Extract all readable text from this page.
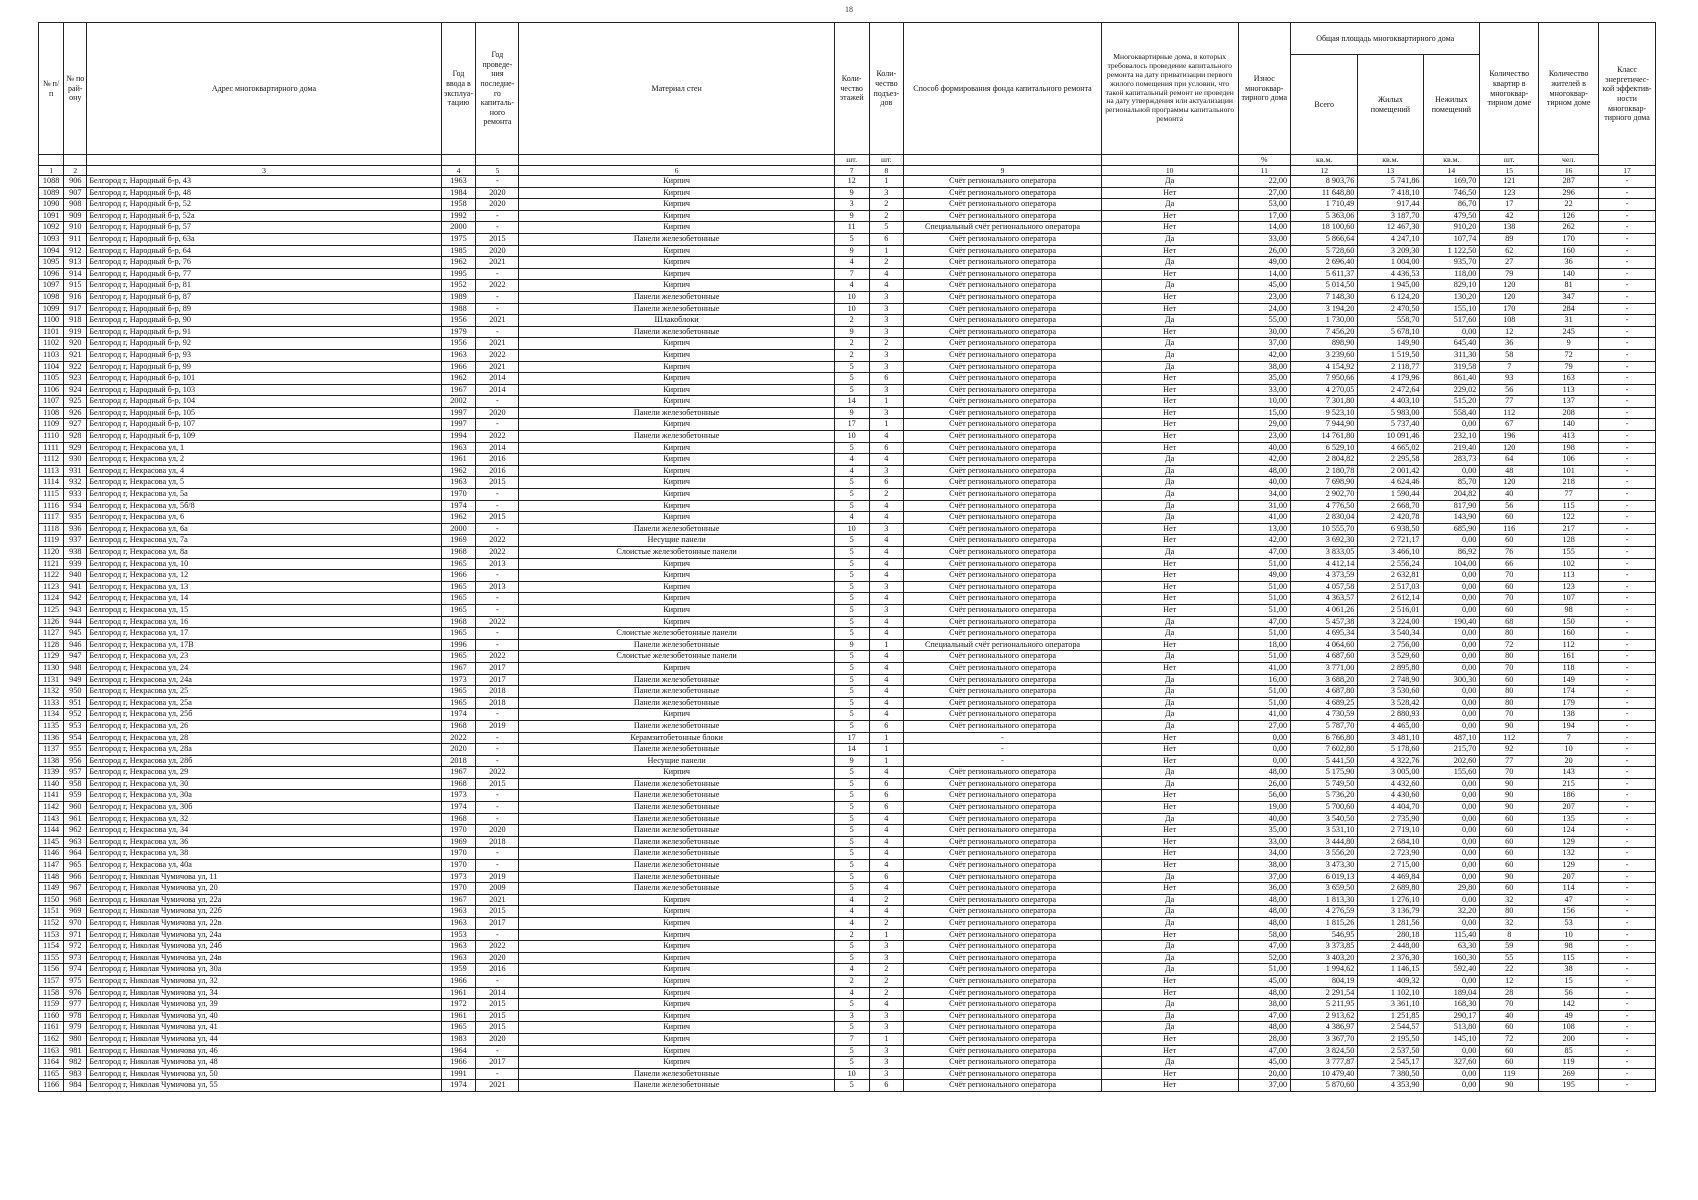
18
№ п/п	№ по рай-ону	Адрес многоквартирного дома	Год ввода в эксплуа-тацию	Год проведе-ния последне-го капиталь-ного ремонта	Материал стен	Коли-чество этажей	Коли-чество подъез-дов	Способ формирования фонда капитального ремонта	Многоквартирные дома, в которых требовалось проведение капитального ремонта на дату приватизации первого жилого помещения при условии, что такой капитальный ремонт не проведен на дату утверждения или актуализации региональной программы капитального ремонта	Износ многоквар-тирного дома	Общая площадь многоквартирного дома			Количество квартир в многоквар-тирном доме	Количество жителей в многоквар-тирном доме	Класс энергетичес-кой эффектив-ности многоквар-тирного дома
											Всего	Жилых помещений	Нежилых помещений			
						шт.	шт.			%	кв.м.	кв.м.	кв.м.	шт.	чел.	
1	2	3	4	5	6	7	8	9	10	11	12	13	14	15	16	17
1088	906	Белгород г, Народный б-р, 43	1963	-	Кирпич	12	1	Счёт регионального оператора	Да	22,00	8 903,76	5 741,86	169,70	121	287	-
1089	907	Белгород г, Народный б-р, 48	1984	2020	Кирпич	9	3	Счёт регионального оператора	Нет	27,00	11 648,80	7 418,10	746,50	123	296	-
1090	908	Белгород г, Народный б-р, 52	1958	2020	Кирпич	3	2	Счёт регионального оператора	Да	53,00	1 710,49	917,44	86,70	17	22	-
1091	909	Белгород г, Народный б-р, 52а	1992	-	Кирпич	9	2	Счёт регионального оператора	Нет	17,00	5 363,06	3 187,70	479,50	42	126	-
1092	910	Белгород г, Народный б-р, 57	2000	-	Кирпич	11	5	Специальный счёт регионального оператора	Нет	14,00	18 100,60	12 467,30	910,20	138	262	-
1093	911	Белгород г, Народный б-р, 63а	1975	2015	Панели железобетонные	5	6	Счёт регионального оператора	Да	33,00	5 866,64	4 247,10	107,74	89	170	-
1094	912	Белгород г, Народный б-р, 64	1985	2020	Кирпич	9	1	Счёт регионального оператора	Нет	26,00	5 728,60	3 209,30	1 122,50	62	160	-
1095	913	Белгород г, Народный б-р, 76	1962	2021	Кирпич	4	2	Счёт регионального оператора	Да	49,00	2 696,40	1 004,00	935,70	27	36	-
1096	914	Белгород г, Народный б-р, 77	1995	-	Кирпич	7	4	Счёт регионального оператора	Нет	14,00	5 611,37	4 436,53	118,00	79	140	-
1097	915	Белгород г, Народный б-р, 81	1952	2022	Кирпич	4	4	Счёт регионального оператора	Да	45,00	5 014,50	1 945,00	829,10	120	81	-
1098	916	Белгород г, Народный б-р, 87	1989	-	Панели железобетонные	10	3	Счёт регионального оператора	Нет	23,00	7 148,30	6 124,20	130,20	120	347	-
1099	917	Белгород г, Народный б-р, 89	1988	-	Панели железобетонные	10	3	Счёт регионального оператора	Нет	24,00	3 194,20	2 470,50	155,10	170	284	-
1100	918	Белгород г, Народный б-р, 90	1956	2021	Шлакоблоки	2	3	Счёт регионального оператора	Да	55,00	1 730,00	558,70	517,60	108	31	-
1101	919	Белгород г, Народный б-р, 91	1979	-	Панели железобетонные	9	3	Счёт регионального оператора	Нет	30,00	7 456,20	5 678,10	0,00	12	245	-
1102	920	Белгород г, Народный б-р, 92	1956	2021	Кирпич	2	2	Счёт регионального оператора	Да	37,00	898,90	149,90	645,40	36	9	-
1103	921	Белгород г, Народный б-р, 93	1963	2022	Кирпич	2	3	Счёт регионального оператора	Да	42,00	3 239,60	1 519,50	311,30	58	72	-
1104	922	Белгород г, Народный б-р, 99	1966	2021	Кирпич	5	3	Счёт регионального оператора	Да	38,00	4 154,92	2 118,77	319,58	7	79	-
1105	923	Белгород г, Народный б-р, 101	1962	2014	Кирпич	5	6	Счёт регионального оператора	Нет	35,00	7 950,66	4 179,96	861,40	93	163	-
1106	924	Белгород г, Народный б-р, 103	1967	2014	Кирпич	5	3	Счёт регионального оператора	Нет	33,00	4 270,05	2 472,64	229,02	56	113	-
1107	925	Белгород г, Народный б-р, 104	2002	-	Кирпич	14	1	Счёт регионального оператора	Нет	10,00	7 301,80	4 403,10	515,20	77	137	-
1108	926	Белгород г, Народный б-р, 105	1997	2020	Панели железобетонные	9	3	Счёт регионального оператора	Нет	15,00	9 523,10	5 983,00	558,40	112	208	-
1109	927	Белгород г, Народный б-р, 107	1997	-	Кирпич	17	1	Счёт регионального оператора	Нет	29,00	7 944,90	5 737,40	0,00	67	140	-
1110	928	Белгород г, Народный б-р, 109	1994	2022	Панели железобетонные	10	4	Счёт регионального оператора	Нет	23,00	14 761,80	10 091,46	232,10	196	413	-
1111	929	Белгород г, Некрасова ул, 1	1963	2014	Кирпич	5	6	Счёт регионального оператора	Нет	40,00	6 529,10	4 665,02	219,40	120	198	-
1112	930	Белгород г, Некрасова ул, 2	1961	2016	Кирпич	4	4	Счёт регионального оператора	Да	42,00	2 804,82	2 295,58	283,73	64	106	-
1113	931	Белгород г, Некрасова ул, 4	1962	2016	Кирпич	4	3	Счёт регионального оператора	Да	48,00	2 180,78	2 001,42	0,00	48	101	-
1114	932	Белгород г, Некрасова ул, 5	1963	2015	Кирпич	5	6	Счёт регионального оператора	Да	40,00	7 698,90	4 624,46	85,70	120	218	-
1115	933	Белгород г, Некрасова ул, 5а	1970	-	Кирпич	5	2	Счёт регионального оператора	Да	34,00	2 902,70	1 590,44	204,82	40	77	-
1116	934	Белгород г, Некрасова ул, 5б/8	1974	-	Кирпич	5	4	Счёт регионального оператора	Да	31,00	4 776,50	2 668,70	817,90	56	115	-
1117	935	Белгород г, Некрасова ул, 6	1962	2015	Кирпич	4	4	Счёт регионального оператора	Да	41,00	2 830,04	2 420,78	143,90	60	122	-
1118	936	Белгород г, Некрасова ул, 6а	2000	-	Панели железобетонные	10	3	Счёт регионального оператора	Нет	13,00	10 555,70	6 938,50	685,90	116	217	-
1119	937	Белгород г, Некрасова ул, 7а	1969	2022	Несущие панели	5	4	Счёт регионального оператора	Нет	42,00	3 692,30	2 721,17	0,00	60	128	-
1120	938	Белгород г, Некрасова ул, 8а	1968	2022	Слоистые железобетонные панели	5	4	Счёт регионального оператора	Да	47,00	3 833,05	3 466,10	86,92	76	155	-
1121	939	Белгород г, Некрасова ул, 10	1965	2013	Кирпич	5	4	Счёт регионального оператора	Нет	51,00	4 412,14	2 556,24	104,00	66	102	-
1122	940	Белгород г, Некрасова ул, 12	1966	-	Кирпич	5	4	Счёт регионального оператора	Нет	49,00	4 373,59	2 632,81	0,00	70	113	-
1123	941	Белгород г, Некрасова ул, 13	1965	2013	Кирпич	5	3	Счёт регионального оператора	Нет	51,00	4 057,58	2 517,03	0,00	60	123	-
1124	942	Белгород г, Некрасова ул, 14	1965	-	Кирпич	5	4	Счёт регионального оператора	Нет	51,00	4 363,57	2 612,14	0,00	70	107	-
1125	943	Белгород г, Некрасова ул, 15	1965	-	Кирпич	5	3	Счёт регионального оператора	Нет	51,00	4 061,26	2 516,01	0,00	60	98	-
1126	944	Белгород г, Некрасова ул, 16	1968	2022	Кирпич	5	4	Счёт регионального оператора	Да	47,00	5 457,38	3 224,00	190,40	68	150	-
1127	945	Белгород г, Некрасова ул, 17	1965	-	Слоистые железобетонные панели	5	4	Счёт регионального оператора	Да	51,00	4 695,34	3 540,34	0,00	80	160	-
1128	946	Белгород г, Некрасова ул, 17В	1996	-	Панели железобетонные	9	1	Специальный счёт регионального оператора	Нет	18,00	4 064,60	2 756,00	0,00	72	112	-
1129	947	Белгород г, Некрасова ул, 23	1965	2022	Слоистые железобетонные панели	5	4	Счёт регионального оператора	Да	51,00	4 687,60	3 529,60	0,00	80	161	-
1130	948	Белгород г, Некрасова ул, 24	1967	2017	Кирпич	5	4	Счёт регионального оператора	Нет	41,00	3 771,00	2 895,80	0,00	70	118	-
1131	949	Белгород г, Некрасова ул, 24а	1973	2017	Панели железобетонные	5	4	Счёт регионального оператора	Да	16,00	3 688,20	2 748,90	300,30	60	149	-
1132	950	Белгород г, Некрасова ул, 25	1965	2018	Панели железобетонные	5	4	Счёт регионального оператора	Да	51,00	4 687,80	3 530,60	0,00	80	174	-
1133	951	Белгород г, Некрасова ул, 25а	1965	2018	Панели железобетонные	5	4	Счёт регионального оператора	Да	51,00	4 689,25	3 528,42	0,00	80	179	-
1134	952	Белгород г, Некрасова ул, 25б	1974	-	Кирпич	5	4	Счёт регионального оператора	Да	41,00	4 730,59	2 880,93	0,00	70	138	-
1135	953	Белгород г, Некрасова ул, 26	1968	2019	Панели железобетонные	5	6	Счёт регионального оператора	Да	27,00	5 787,70	4 465,00	0,00	90	194	-
1136	954	Белгород г, Некрасова ул, 28	2022	-	Керамзитобетонные блоки	17	1	-	Нет	0,00	6 766,80	3 481,10	487,10	112	7	-
1137	955	Белгород г, Некрасова ул, 28а	2020	-	Панели железобетонные	14	1	-	Нет	0,00	7 602,80	5 178,60	215,70	92	10	-
1138	956	Белгород г, Некрасова ул, 28б	2018	-	Несущие панели	9	1	-	Нет	0,00	5 441,50	4 322,76	202,60	77	20	-
1139	957	Белгород г, Некрасова ул, 29	1967	2022	Кирпич	5	4	Счёт регионального оператора	Да	48,00	5 175,90	3 005,00	155,60	70	143	-
1140	958	Белгород г, Некрасова ул, 30	1968	2015	Панели железобетонные	5	6	Счёт регионального оператора	Да	26,00	5 749,50	4 432,60	0,00	90	215	-
1141	959	Белгород г, Некрасова ул, 30а	1973	-	Панели железобетонные	5	6	Счёт регионального оператора	Нет	56,00	5 736,20	4 430,60	0,00	90	186	-
1142	960	Белгород г, Некрасова ул, 30б	1974	-	Панели железобетонные	5	6	Счёт регионального оператора	Нет	19,00	5 700,60	4 404,70	0,00	90	207	-
1143	961	Белгород г, Некрасова ул, 32	1968	-	Панели железобетонные	5	4	Счёт регионального оператора	Да	40,00	3 540,50	2 735,90	0,00	60	135	-
1144	962	Белгород г, Некрасова ул, 34	1970	2020	Панели железобетонные	5	4	Счёт регионального оператора	Нет	35,00	3 531,10	2 719,10	0,00	60	124	-
1145	963	Белгород г, Некрасова ул, 36	1969	2018	Панели железобетонные	5	4	Счёт регионального оператора	Нет	33,00	3 444,80	2 684,10	0,00	60	129	-
1146	964	Белгород г, Некрасова ул, 38	1970	-	Панели железобетонные	5	4	Счёт регионального оператора	Нет	34,00	3 556,20	2 723,90	0,00	60	132	-
1147	965	Белгород г, Некрасова ул, 40а	1970	-	Панели железобетонные	5	4	Счёт регионального оператора	Нет	38,00	3 473,30	2 715,00	0,00	60	129	-
1148	966	Белгород г, Николая Чумичова ул, 11	1973	2019	Панели железобетонные	5	6	Счёт регионального оператора	Да	37,00	6 019,13	4 469,84	0,00	90	207	-
1149	967	Белгород г, Николая Чумичова ул, 20	1970	2009	Панели железобетонные	5	4	Счёт регионального оператора	Нет	36,00	3 659,50	2 689,80	29,80	60	114	-
1150	968	Белгород г, Николая Чумичова ул, 22а	1967	2021	Кирпич	4	2	Счёт регионального оператора	Да	48,00	1 813,30	1 276,10	0,00	32	47	-
1151	969	Белгород г, Николая Чумичова ул, 22б	1963	2015	Кирпич	4	4	Счёт регионального оператора	Да	48,00	4 276,59	3 136,79	32,20	80	156	-
1152	970	Белгород г, Николая Чумичова ул, 22в	1963	2017	Кирпич	4	2	Счёт регионального оператора	Да	48,00	1 815,26	1 281,56	0,00	32	53	-
1153	971	Белгород г, Николая Чумичова ул, 24а	1953	-	Кирпич	2	1	Счёт регионального оператора	Нет	58,00	546,95	280,18	115,40	8	10	-
1154	972	Белгород г, Николая Чумичова ул, 24б	1963	2022	Кирпич	5	3	Счёт регионального оператора	Да	47,00	3 373,85	2 448,00	63,30	59	98	-
1155	973	Белгород г, Николая Чумичова ул, 24в	1963	2020	Кирпич	5	3	Счёт регионального оператора	Да	52,00	3 403,20	2 376,30	160,30	55	115	-
1156	974	Белгород г, Николая Чумичова ул, 30а	1959	2016	Кирпич	4	2	Счёт регионального оператора	Да	51,00	1 994,62	1 146,15	592,40	22	38	-
1157	975	Белгород г, Николая Чумичова ул, 32	1966	-	Кирпич	2	2	Счёт регионального оператора	Нет	45,00	804,19	409,32	0,00	12	15	-
1158	976	Белгород г, Николая Чумичова ул, 34	1961	2014	Кирпич	4	2	Счёт регионального оператора	Нет	48,00	2 291,54	1 102,10	189,04	28	56	-
1159	977	Белгород г, Николая Чумичова ул, 39	1972	2015	Кирпич	5	4	Счёт регионального оператора	Да	38,00	5 211,95	3 361,10	168,30	70	142	-
1160	978	Белгород г, Николая Чумичова ул, 40	1961	2015	Кирпич	3	3	Счёт регионального оператора	Да	47,00	2 913,62	1 251,85	290,17	40	49	-
1161	979	Белгород г, Николая Чумичова ул, 41	1965	2015	Кирпич	5	3	Счёт регионального оператора	Да	48,00	4 386,97	2 544,57	513,80	60	108	-
1162	980	Белгород г, Николая Чумичова ул, 44	1983	2020	Кирпич	7	1	Счёт регионального оператора	Нет	28,00	3 367,70	2 195,50	145,10	72	200	-
1163	981	Белгород г, Николая Чумичова ул, 46	1964	-	Кирпич	5	3	Счёт регионального оператора	Нет	47,00	3 824,50	2 537,50	0,00	60	85	-
1164	982	Белгород г, Николая Чумичова ул, 48	1966	2017	Кирпич	5	3	Счёт регионального оператора	Да	45,00	3 777,87	2 545,17	327,60	60	119	-
1165	983	Белгород г, Николая Чумичова ул, 50	1991	-	Панели железобетонные	10	3	Счёт регионального оператора	Нет	20,00	10 479,40	7 380,50	0,00	119	269	-
1166	984	Белгород г, Николая Чумичова ул, 55	1974	2021	Панели железобетонные	5	6	Счёт регионального оператора	Нет	37,00	5 870,60	4 353,90	0,00	90	195	-
